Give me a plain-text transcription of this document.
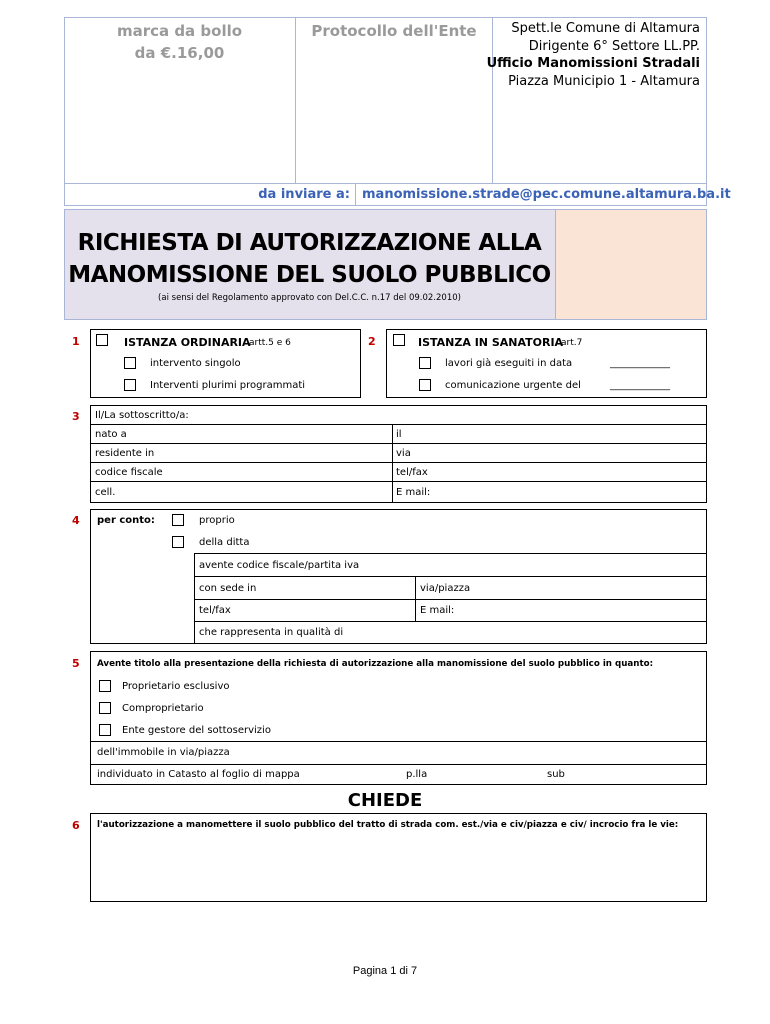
marca da bollo
da €.16,00
Protocollo dell'Ente	Spett.le Comune di Altamura
Dirigente 6° Settore LL.PP.
Ufficio Manomissioni Stradali
Piazza Municipio 1 - Altamura
da inviare a: manomissione.strade@pec.comune.altamura.ba.it
RICHIESTA DI AUTORIZZAZIONE ALLA
MANOMISSIONE DEL SUOLO PUBBLICO
(ai sensi del Regolamento approvato con Del.C.C. n.17 del 09.02.2010)
1	ISTANZA ORDINARIA
artt.5 e 6
intervento singolo
Interventi plurimi programmati
2	ISTANZA IN SANATORIA
art.7
lavori già eseguiti in data	____________
comunicazione urgente del	____________
3 Il/La sottoscritto/a:
nato a	il
residente in	via
codice fiscale	tel/fax
cell.	E mail:
4 per conto:	proprio
della ditta
avente codice fiscale/partita iva
con sede in	via/piazza
tel/fax	E mail:
che rappresenta in qualità di
5 Avente titolo alla presentazione della richiesta di autorizzazione alla manomissione del suolo pubblico in quanto:
Proprietario esclusivo
Comproprietario
Ente gestore del sottoservizio
dell'immobile in via/piazza
individuato in Catasto al foglio di mappa	p.lla	sub
CHIEDE
6 l'autorizzazione a manomettere il suolo pubblico del tratto di strada com. est./via e civ/piazza e civ/ incrocio fra le vie:
Pagina 1 di 7
